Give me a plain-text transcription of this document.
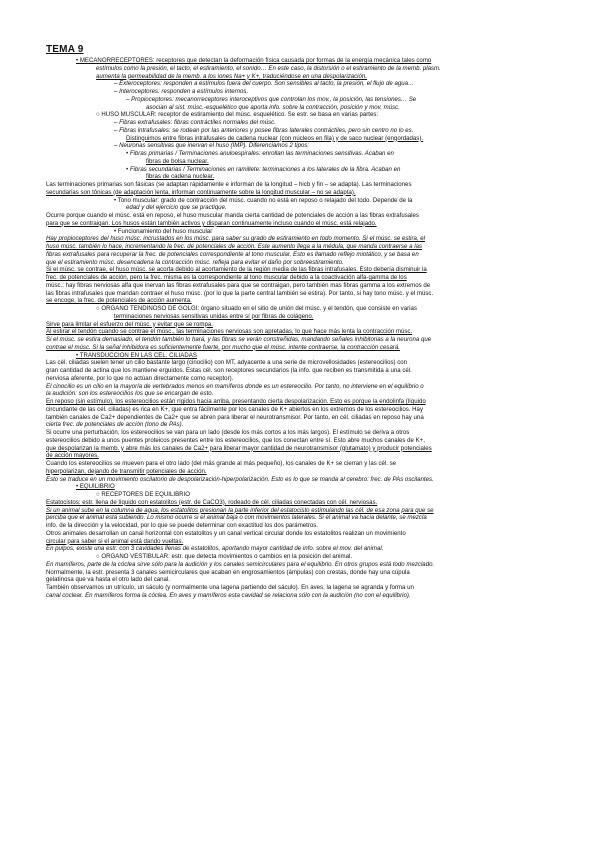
TEMA 9
• MECANORRECEPTORES: receptores que detectan la deformación física causada por formas de la energía mecánica tales como
estímulos como la presión, el tacto, el estiramiento, el sonido… En este caso, la distorsión o el estiramiento de la memb. plasm.
aumenta la permeabilidad de la memb. a los iones Na+ y K+, traduciéndose en una despolarización.
– Exteroceptores: responden a estímulos fuera del cuerpo. Son sensibles al tacto, la presión, el flujo de agua…
– Interoceptores: responden a estímulos internos.
– Propioceptores: mecanorreceptores interoceptivos que controlan los mov., la posición, las tensiones… Se
asocian al sist. músc.-esquelético que aporta info. sobre la contracción, posición y mov. músc.
○ HUSO MUSCULAR: receptor de estiramiento del músc. esquelético. Se estr. se basa en varias partes:
– Fibras extrafusales: fibras contráctiles normales del músc.
– Fibras intrafusales: se rodean por las anteriores y posee fibras laterales contráctiles, pero sin centro no lo es.
Distinguimos entre fibras intrafusales de cadena nuclear (con núcleos en fila) y de saco nuclear (engordadas).
– Neuronas sensitivas que inervan el huso (IMP). Diferenciamos 2 tipos:
• Fibras primarias / Terminaciones anuloespirales: enrollan las terminaciones sensitivas. Acaban en
fibras de bolsa nuclear.
• Fibras secundarias / Terminaciones en ramillete: terminaciones a los laterales de la fibra. Acaban en
fibras de cadena nuclear.
Las terminaciones primarias son fásicas (se adaptan rápidamente e informan de la longitud – hicb y fin – se adapta). Las terminaciones
secundarias son tónicas (de adaptación lenta, informan continuamente sobre la longitud muscular – no se adapta).
• Tono muscular: grado de contracción del músc. cuando no está en reposo o relajado del todo. Depende de la
edad y del ejercicio que se practique.
Ocurre porque cuando el músc. está en reposo, el huso muscular manda cierta cantidad de potenciales de acción a las fibras extrafusales
para que se contraigan. Los husos están también activos y disparan continuamente incluso cuando el músc. está relajado.
• Funcionamiento del huso muscular
Hay propioceptores del huso músc. incrustados en los músc. para saber su grado de estiramiento en todo momento. Si el músc. se estira, el
huso músc. también lo hace, incrementando la frec. de potenciales de acción. Este aumento llega a la médula, que manda contraerse a las
fibras extrafusales para recuperar la frec. de potenciales correspondiente al tono muscular. Esto es llamado reflejo miotático, y se basa en
que el estiramiento músc. desencadena la contracción músc. refleja para evitar el daño por sobreestiramiento.
Si el músc. se contrae, el huso músc. se acorta debido al acortamiento de la región media de las fibras intrafusales. Esto debería disminuir la
frec. de potenciales de acción, pero la frec. misma es la correspondiente al tono muscular debido a la coactivación alfa-gamma de los
músc.: hay fibras nerviosas alfa que inervan las fibras extrafusales para que se contraigan, pero también mas fibras gamma a los extremos de
las fibras intrafusales que mandan contraer el huso músc. (por lo que la parte central también se estira). Por tanto, si hay tono músc. y el músc.
se encoge, la frec. de potenciales de acción aumenta.
○ ÓRGANO TENDINOSO DE GOLGI: órgano situado en el sitio de unión del músc. y el tendón, que consiste en varias
terminaciones nerviosas sensitivas unidas entre sí por fibras de colágeno.
Sirve para limitar el esfuerzo del músc. y evitar que se rompa.
Al estirar el tendón cuando se contrae el músc., las terminaciones nerviosas son apretadas, lo que hace más lenta la contracción músc.
Si el músc. se estira demasiado, el tendón también lo hará, y las fibras se verán constreñidas, mandando señales inhibitorias a la neurona que
contrae el músc. Si la señal inhibidora es suficientemente fuerte, por mucho que el músc. intente contraerse, la contracción cesará.
• TRANSDUCCIÓN EN LAS CÉL. CILIADAS
Las cél. ciliadas suelen tener un cilio bastante largo (cinocilio) con MT, adyacente a una serie de microvellosidades (estereocilios) con
gran cantidad de actina que los mantiene erguidos. Estas cél. son receptores secundarios (la info. que reciben es transmitida a una cél.
nerviosa aferente, por lo que no actúan directamente como receptor).
El cinocilio es un cilio en la mayoría de vertebrados menos en mamíferos donde es un estereocilio. Por tanto, no interviene en el equilibrio o
la audición: son los estereocilios los que se encargan de esto.
En reposo (sin estímulo), los estereocilios están rígidos hacia arriba, presentando cierta despolarización. Esto es porque la endolinfa (líquido
circundante de las cél. ciliadas) es rica en K+, que entra fácilmente por los canales de K+ abiertos en los extremos de los estereocilios. Hay
también canales de Ca2+ dependientes de Ca2+ que se abren para liberar el neurotransmisor. Por tanto, en cél. ciliadas en reposo hay una
cierta frec. de potenciales de acción (tono de PAs).
Si ocurre una perturbación, los estereocilios se van para un lado (desde los más cortos a los más largos). El estímulo se deriva a otros
estereocilios debido a unos puentes proteicos presentes entre los estereocilios, que los conectan entre sí. Esto abre muchos canales de K+,
que despolarizan la memb. y abre más los canales de Ca2+ para liberar mayor cantidad de neurotransmisor (glutamato) y producir potenciales
de acción mayores.
Cuando los estereocilios se mueven para el otro lado (del más grande al más pequeño), los canales de K+ se cierran y las cél. se
hiperpolarizan, dejando de transmitir potenciales de acción.
Esto se traduce en un movimiento oscilatorio de despolarización-hiperpolarización. Esto es lo que se manda al cerebro: frec. de PAs oscilantes.
• EQUILIBRIO
○ RECEPTORES DE EQUILIBRIO
Estatocistos: estr. llena de líquido con estatolitos (estr. de CaCO3), rodeado de cél. ciliadas conectadas con cél. nerviosas.
Si un animal sube en la columna de agua, los estatolitos presionan la parte inferior del estatocisto estimulando las cél. de esa zona para que se
perciba que el animal está subiendo. Lo mismo ocurre si el animal baja o con movimientos laterales. Si el animal va hacia delante, se mezcla
info. de la dirección y la velocidad, por lo que se puede determinar con exactitud los dos parámetros.
Otros animales desarrollan un canal horizontal con estatolitos y un canal vertical circular donde los estatolitos realizan un movimiento
circular para saber si el animal está dando vueltas.
En pulpos, existe una estr. con 3 cavidades llenas de estatolitos, aportando mayor cantidad de info. sobre el mov. del animal.
○ ÓRGANO VESTIBULAR: estr. que detecta movimientos o cambios en la posición del animal.
En mamíferos, parte de la cóclea sirve sólo para la audición y los canales semicirculares para el equilibrio. En otros grupos está todo mezclado.
Normalmente, la estr. presenta 3 canales semicirculares que acaban en engrosamientos (ámpulas) con crestas, donde hay una cúpula
gelatinosa que va hasta el otro lado del canal.
También observamos un utrículo, un sáculo (y normalmente una lagena partiendo del sáculo). En aves, la lagena se agranda y forma un
canal coclear. En mamíferos forma la cóclea. En aves y mamíferos esta cavidad se relaciona sólo con la audición (no con el equilibrio).
